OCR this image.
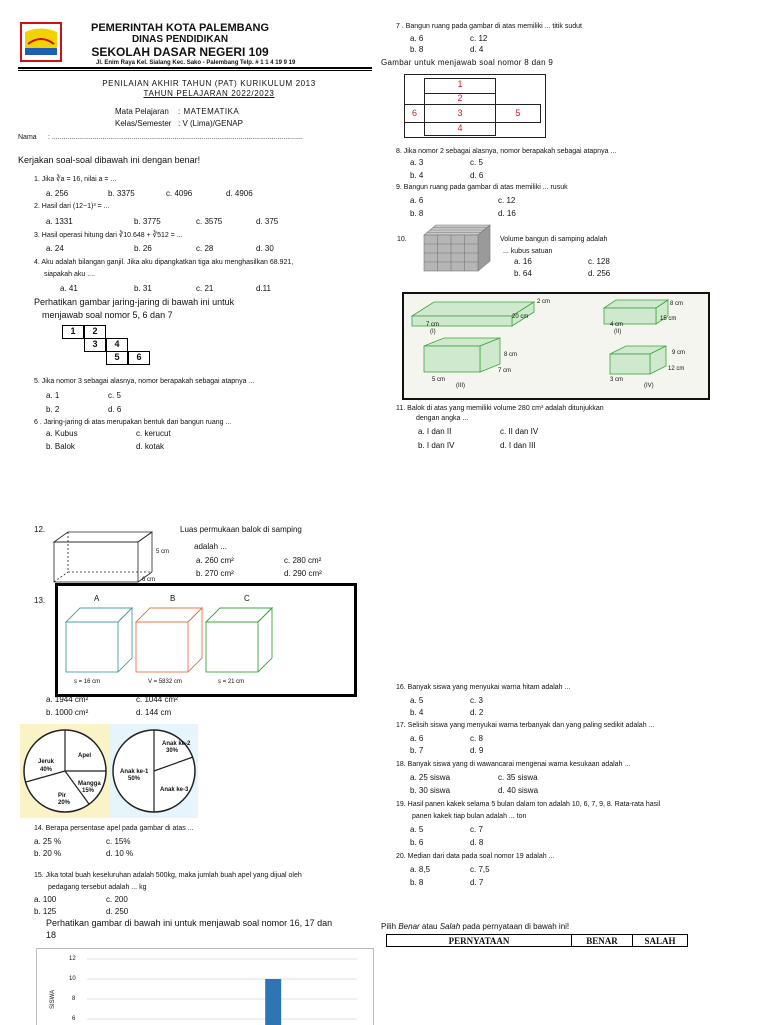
PEMERINTAH KOTA PALEMBANG
DINAS PENDIDIKAN
SEKOLAH DASAR NEGERI 109
Jl. Enim Raya Kel. Sialang Kec. Sako - Palembang Telp. # 1 1 4 19 9 19
PENILAIAN AKHIR TAHUN (PAT) KURIKULUM 2013
TAHUN PELAJARAN 2022/2023
Mata Pelajaran : MATEMATIKA
Kelas/Semester : V (Lima)/GENAP
Nama : .................................................................................................................................
Kerjakan soal-soal dibawah ini dengan benar!
1. Jika ∛a = 16, nilai a = ...
a. 256	b. 3375	c. 4096	d. 4906
2. Hasil dari (12−1)³ = ...
a. 1331	b. 3775	c. 3575	d. 375
3. Hasil operasi hitung dari ∛10.648 + ∛512 = ...
a. 24	b. 26	c. 28	d. 30
4. Aku adalah bilangan ganjil. Jika aku dipangkatkan tiga aku menghasilkan 68.921,
siapakah aku ....
a. 41	b. 31	c. 21	d.11
Perhatikan gambar jaring-jaring di bawah ini untuk
menjawab soal nomor 5, 6 dan 7
1	2
3	4
5	6
5. Jika nomor 3 sebagai alasnya, nomor berapakah sebagai atapnya ...
a. 1	c. 5
b. 2	d. 6
6 . Jaring-jaring di atas merupakan bentuk dari bangun ruang ...
a. Kubus	c. kerucut
b. Balok	d. kotak
7 . Bangun ruang pada gambar di atas memiliki ... titik sudut
a. 6	c. 12
b. 8	d. 4
Gambar untuk menjawab soal nomor 8 dan 9
1
2
3
4
5
6
8. Jika nomor 2 sebagai alasnya, nomor berapakah sebagai atapnya ...
a. 3	c. 5
b. 4	d. 6
9. Bangun ruang pada gambar di atas memiliki ... rusuk
a. 6	c. 12
b. 8	d. 16
10.	Volume bangun di samping adalah
... kubus satuan
a. 16	c. 128
b. 64	d. 256
2 cm
20 cm
7 cm
(I)
8 cm
15 cm
4 cm
(II)
8 cm
7 cm
5 cm
(III)
9 cm
12 cm
3 cm
(IV)
11. Balok di atas yang memiliki volume 280 cm³ adalah ditunjukkan
dengan angka ...
a. I dan II	c. II dan IV
b. I dan IV	d. I dan III
12.
5 cm
6 cm
Luas permukaan balok di samping
adalah ...
a. 260 cm²	c. 280 cm²
b. 270 cm²	d. 290 cm²
13.	A	B	C
s = 16 cm	V = 5832 cm	s = 21 cm
a. 1944 cm²	c. 1044 cm²
b. 1000 cm²	d. 144 cm
Jeruk
40%
Apel
Mangga
15%
Pir
20%
Anak ke-2
30%
Anak ke-1
50%
Anak ke-3
14. Berapa persentase apel pada gambar di atas ...
a. 25 %	c. 15%
b. 20 %	d. 10 %
15. Jika total buah keseluruhan adalah 500kg, maka jumlah buah apel yang dijual oleh
pedagang tersebut adalah ... kg
a. 100	c. 200
b. 125	d. 250
Perhatikan gambar di bawah ini untuk menjawab soal nomor 16, 17 dan
18
12
10
8
6
SISWA
16. Banyak siswa yang menyukai warna hitam adalah ...
a. 5	c. 3
b. 4	d. 2
17. Selisih siswa yang menyukai warna terbanyak dan yang paling sedikit adalah ...
a. 6	c. 8
b. 7	d. 9
18. Banyak siswa yang di wawancarai mengenai warna kesukaan adalah ...
a. 25 siswa	c. 35 siswa
b. 30 siswa	d. 40 siswa
19. Hasil panen kakek selama 5 bulan dalam ton adalah 10, 6, 7, 9, 8. Rata-rata hasil
panen kakek tiap bulan adalah ... ton
a. 5	c. 7
b. 6	d. 8
20. Median dari data pada soal nomor 19 adalah ...
a. 8,5	c. 7,5
b. 8	d. 7
Pilih Benar atau Salah pada pernyataan di bawah ini!
PERNYATAAN	BENAR	SALAH
